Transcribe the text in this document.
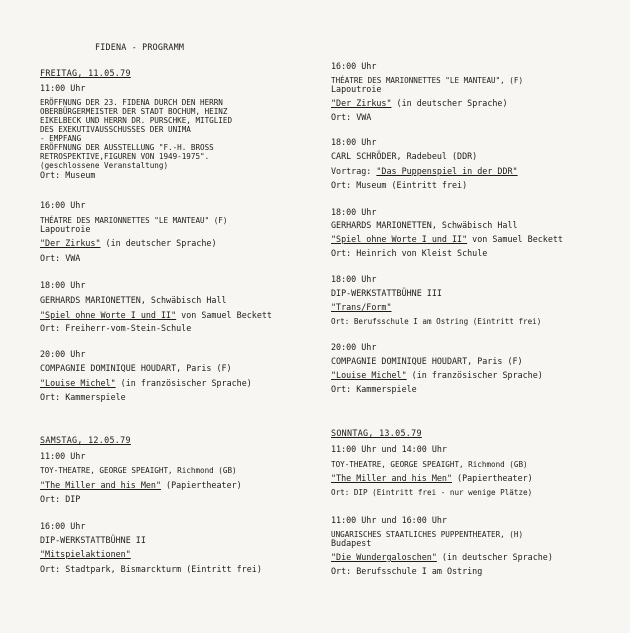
FIDENA - PROGRAMM
FREITAG, 11.05.79
11:00 Uhr
ERÖFFNUNG DER 23. FIDENA DURCH DEN HERRN
OBERBÜRGERMEISTER DER STADT BOCHUM, HEINZ
EIKELBECK UND HERRN DR. PURSCHKE, MITGLIED
DES EXEKUTIVAUSSCHUSSES DER UNIMA
- EMPFANG
ERÖFFNUNG DER AUSSTELLUNG "F.-H. BROSS
RETROSPEKTIVE,FIGUREN VON 1949-1975".
(geschlossene Veranstaltung)
Ort: Museum
16:00 Uhr
THÉATRE DES MARIONNETTES "LE MANTEAU" (F)
Lapoutroie
"Der Zirkus" (in deutscher Sprache)
Ort: VWA
18:00 Uhr
GERHARDS MARIONETTEN, Schwäbisch Hall
"Spiel ohne Worte I und II" von Samuel Beckett
Ort: Freiherr-vom-Stein-Schule
20:00 Uhr
COMPAGNIE DOMINIQUE HOUDART, Paris (F)
"Louise Michel" (in französischer Sprache)
Ort: Kammerspiele
SAMSTAG, 12.05.79
11:00 Uhr
TOY-THEATRE, GEORGE SPEAIGHT, Richmond (GB)
"The Miller and his Men" (Papiertheater)
Ort: DIP
16:00 Uhr
DIP-WERKSTATTBÜHNE II
"Mitspielaktionen"
Ort: Stadtpark, Bismarckturm (Eintritt frei)
16:00 Uhr
THÉATRE DES MARIONNETTES "LE MANTEAU", (F)
Lapoutroie
"Der Zirkus" (in deutscher Sprache)
Ort: VWA
18:00 Uhr
CARL SCHRÖDER, Radebeul (DDR)
Vortrag: "Das Puppenspiel in der DDR"
Ort: Museum (Eintritt frei)
18:00 Uhr
GERHARDS MARIONETTEN, Schwäbisch Hall
"Spiel ohne Worte I und II" von Samuel Beckett
Ort: Heinrich von Kleist Schule
18:00 Uhr
DIP-WERKSTATTBÜHNE III
"Trans/Form"
Ort: Berufsschule I am Ostring (Eintritt frei)
20:00 Uhr
COMPAGNIE DOMINIQUE HOUDART, Paris (F)
"Louise Michel" (in französischer Sprache)
Ort: Kammerspiele
SONNTAG, 13.05.79
11:00 Uhr und 14:00 Uhr
TOY-THEATRE, GEORGE SPEAIGHT, Richmond (GB)
"The Miller and his Men" (Papiertheater)
Ort: DIP (Eintritt frei - nur wenige Plätze)
11:00 Uhr und 16:00 Uhr
UNGARISCHES STAATLICHES PUPPENTHEATER, (H)
Budapest
"Die Wundergaloschen" (in deutscher Sprache)
Ort: Berufsschule I am Ostring
